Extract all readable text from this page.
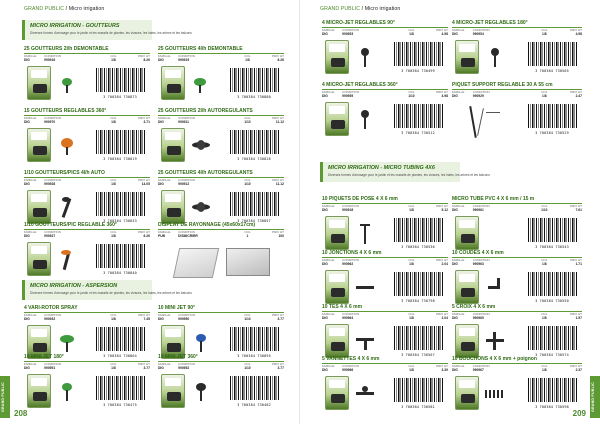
GRAND PUBLIC / Micro irrigation
MICRO IRRIGATION - GOUTTEURS
Diverses formes d'arrosage pour le jardin et les massifs de plantes, les vivaces, les haies, les arbres et les balcons
25 GOUTTEURS 2l/h DÉMONTABLE
FAMILLE	CONDITION	COL	PRIX HT
DIG	990916	1/8	8.26
3 700384 730873
25 GOUTTEURS 4l/h DÉMONTABLE
FAMILLE	CONDITION	COL	PRIX HT
DIG	990915	1/8	8.26
3 700384 730880
15 GOUTTEURS RÉGLABLES 360°
FAMILLE	CONDITION	COL	PRIX HT
DIG	990970	1/8	3.71
3 700384 730819
25 GOUTTEURS 2l/h AUTORÉGULANTS
FAMILLE	CONDITION	COL	PRIX HT
DIG	990911	1/10	11.12
3 700384 730826
1/10 GOUTTEURS/PICS 4l/h AUTO
FAMILLE	CONDITION	COL	PRIX HT
DIG	990928	1/8	14.05
3 700384 730833
25 GOUTTEURS 4l/h AUTORÉGULANTS
FAMILLE	CONDITION	COL	PRIX HT
DIG	990912	1/10	11.12
3 700384 730857
1/10 GOUTTEURS/PIC RÉGLABLE 360°
FAMILLE	CONDITION	COL	PRIX HT
DIG	990927	1/8	6.26
3 700384 730840
DISPLAY DE RAYONNAGE (45x60x17cm)
FAMILLE	CONDITION	COL	PRIX HT
PUB	DISMICRIRR	1	100
MICRO IRRIGATION - ASPERSION
Diverses formes d'arrosage pour le jardin et les massifs de plantes, les vivaces, les haies, les arbres et les balcons
4 VARI-ROTOR SPRAY
FAMILLE	CONDITION	COL	PRIX HT
DIG	990932	1/8	7.45
3 700384 730864
10 MINI JET 90°
FAMILLE	CONDITION	COL	PRIX HT
DIG	990950	1/10	3.77
3 700384 730895
10 MINI JET 180°
FAMILLE	CONDITION	COL	PRIX HT
DIG	990951	1/8	3.77
3 700384 730475
10 MINI JET 360°
FAMILLE	CONDITION	COL	PRIX HT
DIG	990952	1/10	3.77
3 700384 730482
GRAND PUBLIC
208
GRAND PUBLIC / Micro irrigation
4 MICRO-JET RÉGLABLES 90°
FAMILLE	CONDITION	COL	PRIX HT
DIG	990953	1/8	4.98
3 700384 730499
4 MICRO-JET RÉGLABLES 180°
FAMILLE	CONDITION	COL	PRIX HT
DIG	990954	1/8	4.98
3 700384 730505
4 MICRO-JET RÉGLABLES 360°
FAMILLE	CONDITION	COL	PRIX HT
DIG	990955	1/10	4.98
3 700384 730512
PIQUET SUPPORT RÉGLABLE 30 À 55 cm
FAMILLE	CONDITION	COL	PRIX HT
DIG	990929	1/8	2.47
3 700384 730529
MICRO IRRIGATION - MICRO TUBING 4X6
Diverses formes d'arrosage pour le jardin et les massifs de plantes, les vivaces, les haies, les arbres et les balcons
10 PIQUETS DE POSE 4 X 6 mm
FAMILLE	CONDITION	COL	PRIX HT
DIG	990918	1/8	5.12
3 700384 730536
MICRO TUBE PVC 4 X 6 mm / 15 m
FAMILLE	CONDITION	COL	PRIX HT
DIG	990961	1/10	7.61
3 700384 730543
10 JONCTIONS 4 X 6 mm
FAMILLE	CONDITION	COL	PRIX HT
DIG	990962	1/8	2.04
3 700384 730798
10 COUDES 4 X 6 mm
FAMILLE	CONDITION	COL	PRIX HT
DIG	990963	1/8	1.71
3 700384 730550
10 TÉS 4 X 6 mm
FAMILLE	CONDITION	COL	PRIX HT
DIG	990964	1/8	2.04
3 700384 730567
5 CROIX 4 X 6 mm
FAMILLE	CONDITION	COL	PRIX HT
DIG	990965	1/8	1.57
3 700384 730574
5 VANNETTES 4 X 6 mm
FAMILLE	CONDITION	COL	PRIX HT
DIG	990966	1/8	3.39
3 700384 730581
10 BOUCHONS 4 X 6 mm + poignon
FAMILLE	CONDITION	COL	PRIX HT
DIG	990967	1/8	2.37
3 700384 730598	GRAND PUBLIC
209
